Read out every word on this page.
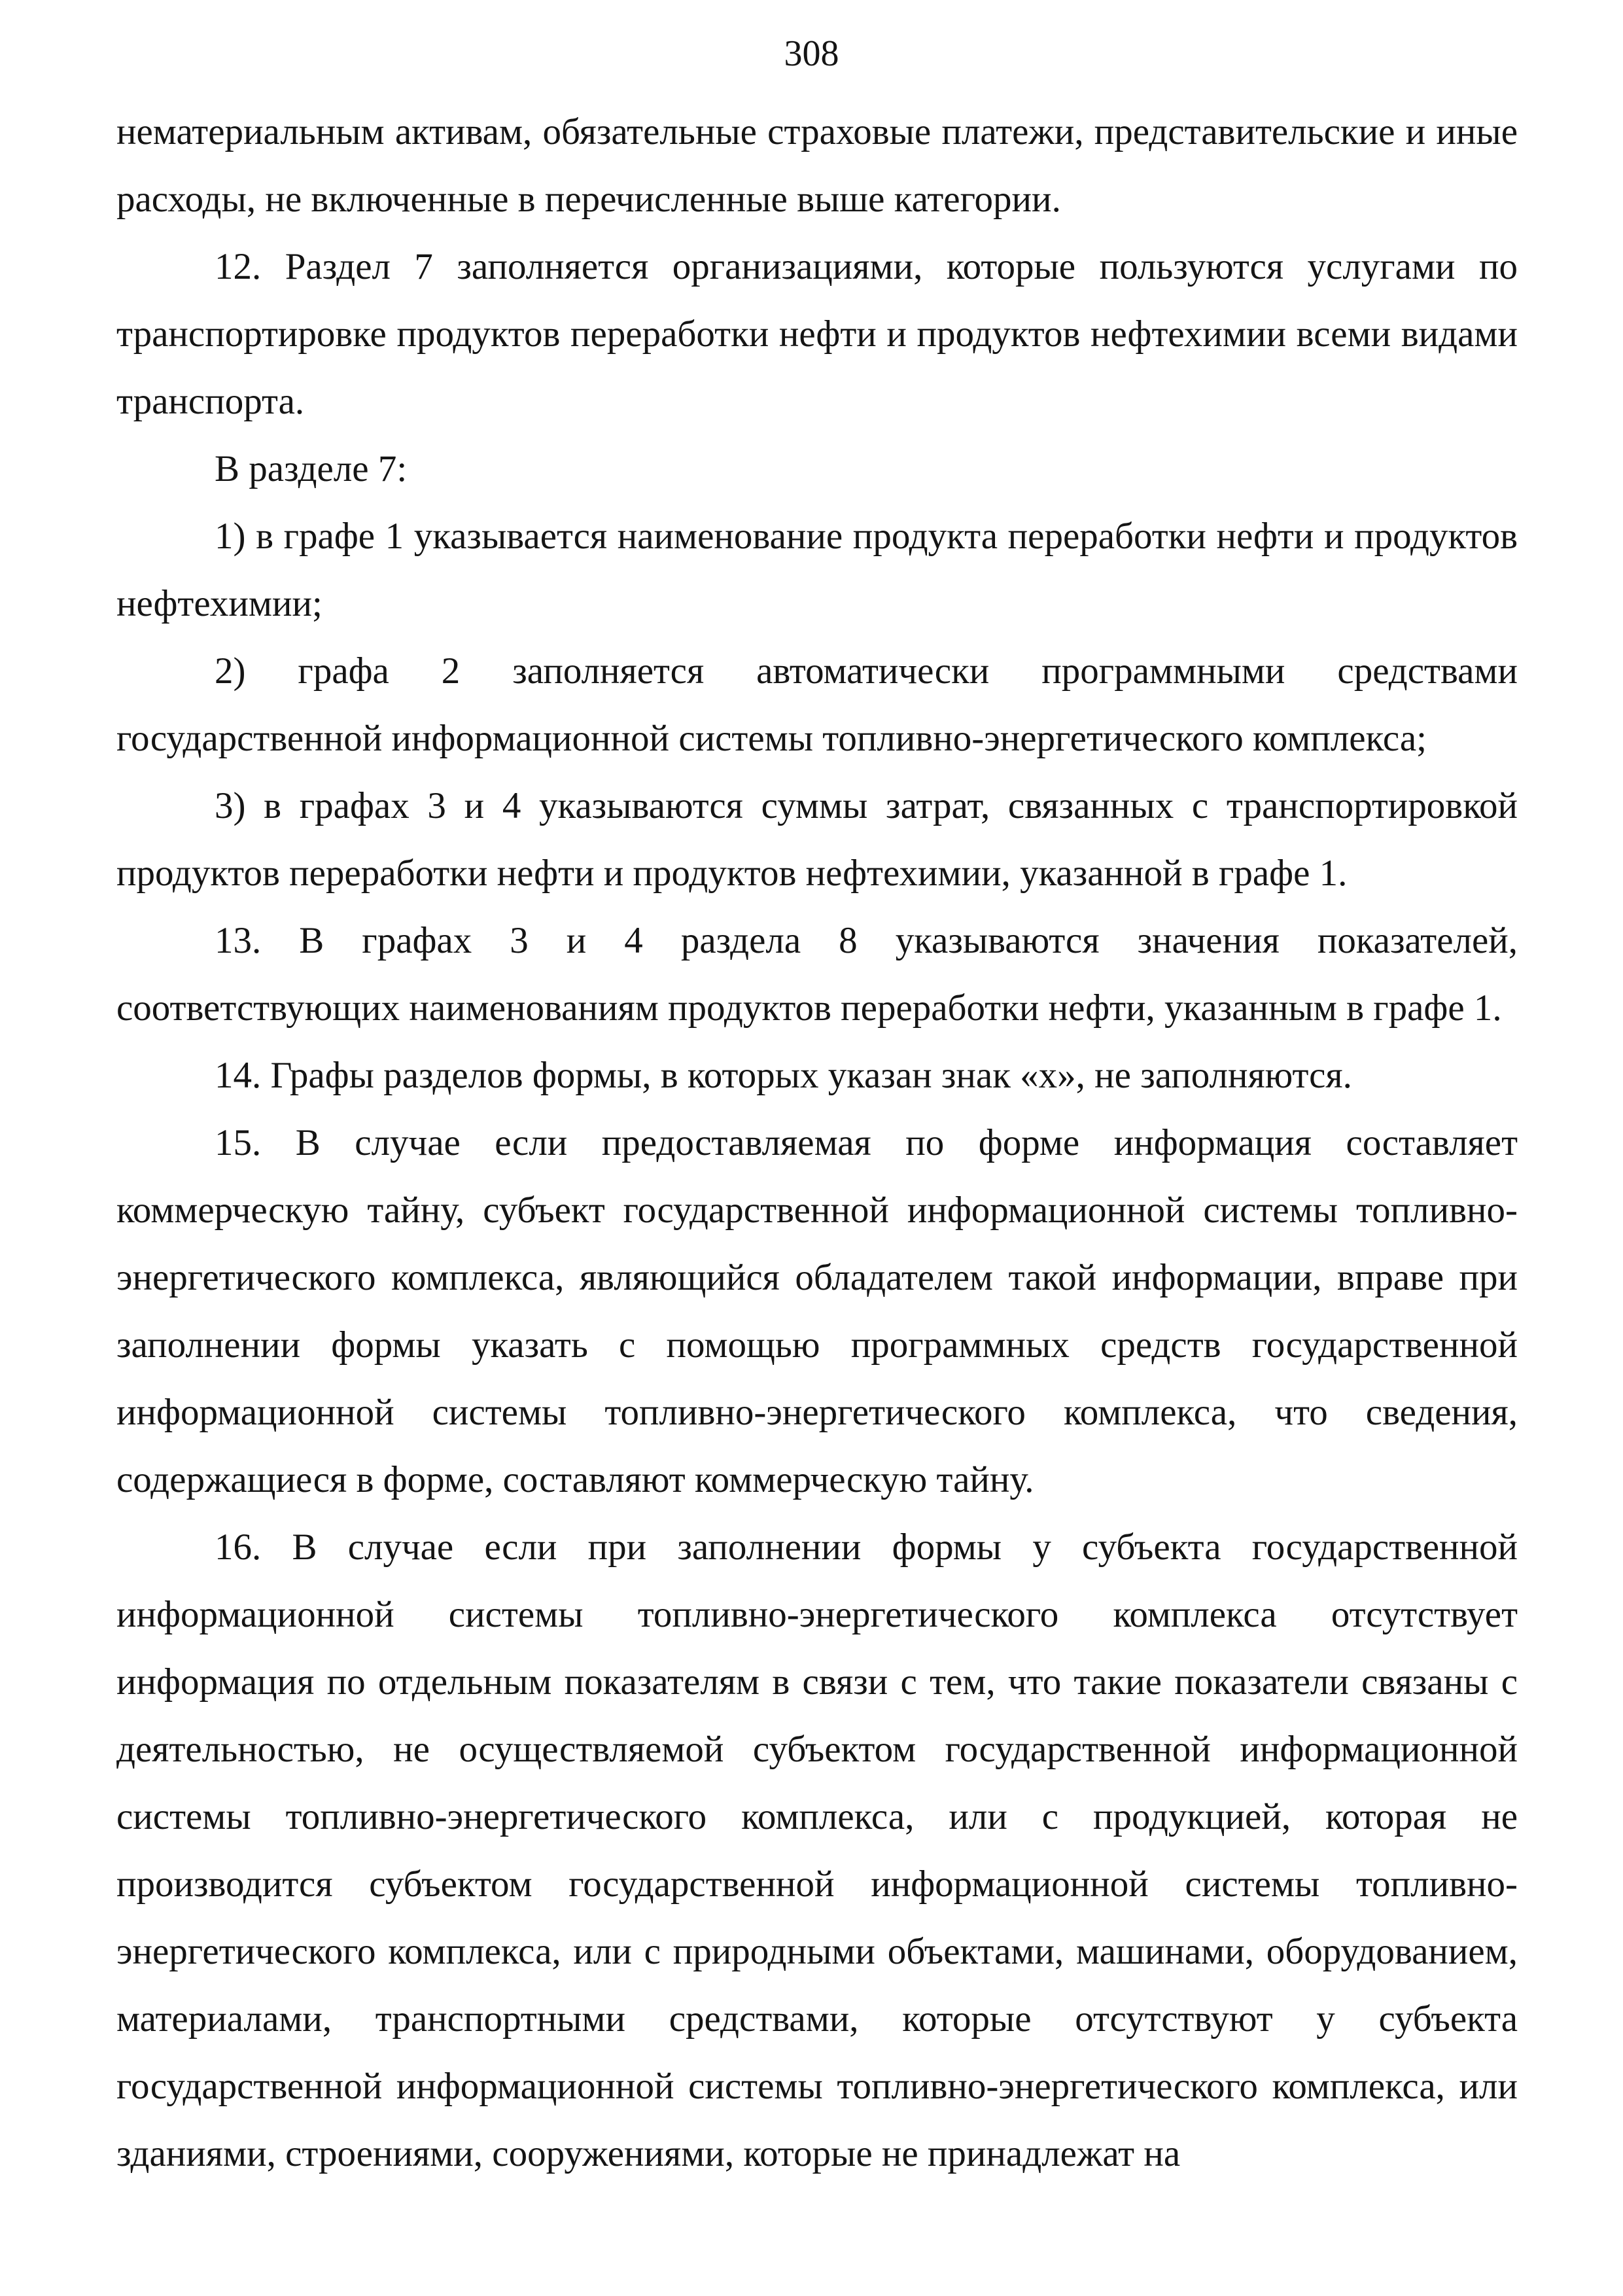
308

нематериальным активам, обязательные страховые платежи, представительские и иные расходы, не включенные в перечисленные выше категории.

12. Раздел 7 заполняется организациями, которые пользуются услугами по транспортировке продуктов переработки нефти и продуктов нефтехимии всеми видами транспорта.

В разделе 7:

1) в графе 1 указывается наименование продукта переработки нефти и продуктов нефтехимии;

2) графа 2 заполняется автоматически программными средствами государственной информационной системы топливно-энергетического комплекса;

3) в графах 3 и 4 указываются суммы затрат, связанных с транспортировкой продуктов переработки нефти и продуктов нефтехимии, указанной в графе 1.

13. В графах 3 и 4 раздела 8 указываются значения показателей, соответствующих наименованиям продуктов переработки нефти, указанным в графе 1.

14. Графы разделов формы, в которых указан знак «х», не заполняются.

15. В случае если предоставляемая по форме информация составляет коммерческую тайну, субъект государственной информационной системы топливно-энергетического комплекса, являющийся обладателем такой информации, вправе при заполнении формы указать с помощью программных средств государственной информационной системы топливно-энергетического комплекса, что сведения, содержащиеся в форме, составляют коммерческую тайну.

16. В случае если при заполнении формы у субъекта государственной информационной системы топливно-энергетического комплекса отсутствует информация по отдельным показателям в связи с тем, что такие показатели связаны с деятельностью, не осуществляемой субъектом государственной информационной системы топливно-энергетического комплекса, или с продукцией, которая не производится субъектом государственной информационной системы топливно-энергетического комплекса, или с природными объектами, машинами, оборудованием, материалами, транспортными средствами, которые отсутствуют у субъекта государственной информационной системы топливно-энергетического комплекса, или зданиями, строениями, сооружениями, которые не принадлежат на
